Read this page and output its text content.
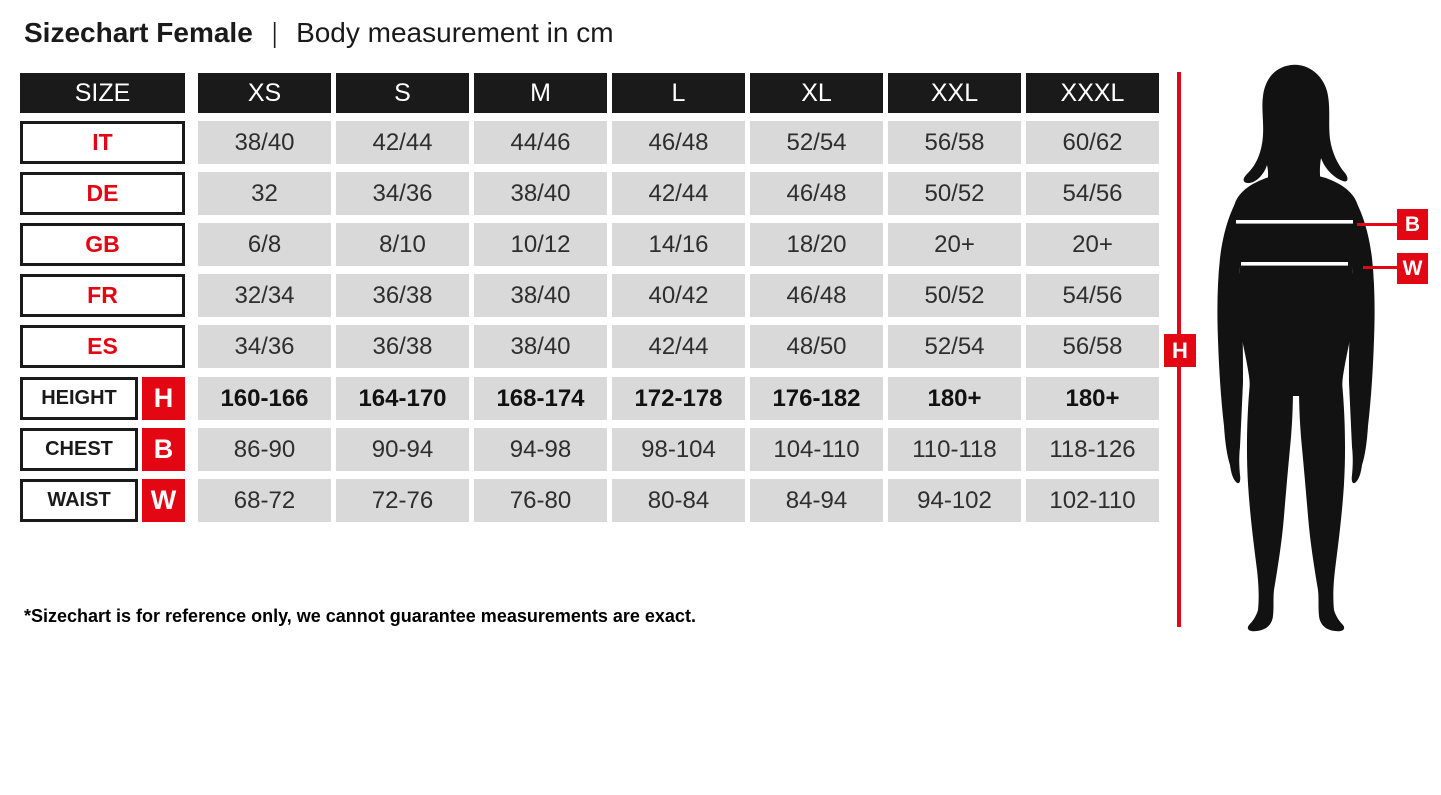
Sizechart Female | Body measurement in cm
SIZE	XS	S	M	L	XL	XXL	XXXL
IT	38/40	42/44	44/46	46/48	52/54	56/58	60/62
DE	32	34/36	38/40	42/44	46/48	50/52	54/56
GB	6/8	8/10	10/12	14/16	18/20	20+	20+
FR	32/34	36/38	38/40	40/42	46/48	50/52	54/56
ES	34/36	36/38	38/40	42/44	48/50	52/54	56/58
HEIGHT	H	160-166	164-170	168-174	172-178	176-182	180+	180+
CHEST	B	86-90	90-94	94-98	98-104	104-110	110-118	118-126
WAIST	W	68-72	72-76	76-80	80-84	84-94	94-102	102-110
H
B
W
*Sizechart is for reference only, we cannot guarantee measurements are exact.
